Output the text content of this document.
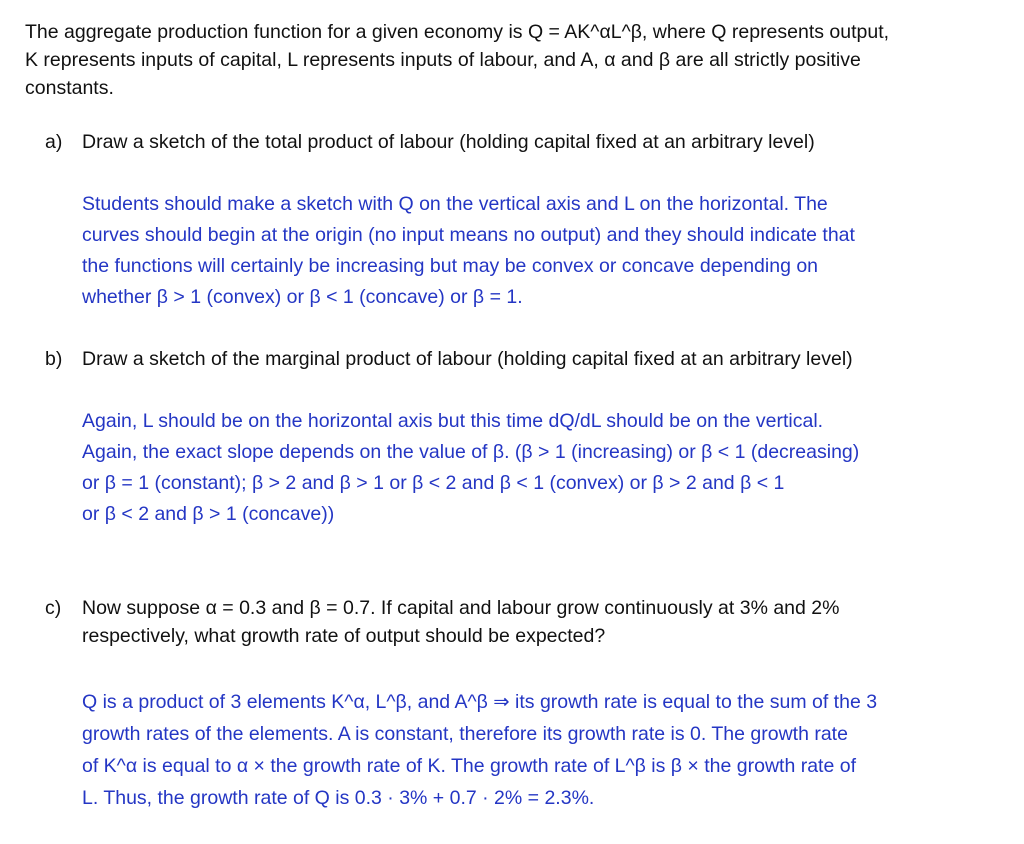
The aggregate production function for a given economy is Q = AK^αL^β, where Q represents output,
K represents inputs of capital, L represents inputs of labour, and A, α and β are all strictly positive
constants.

a)	Draw a sketch of the total product of labour (holding capital fixed at an arbitrary level)
Students should make a sketch with Q on the vertical axis and L on the horizontal. The
curves should begin at the origin (no input means no output) and they should indicate that
the functions will certainly be increasing but may be convex or concave depending on
whether β > 1 (convex) or β < 1 (concave) or β = 1.
b)	Draw a sketch of the marginal product of labour (holding capital fixed at an arbitrary level)
Again, L should be on the horizontal axis but this time dQ/dL should be on the vertical.
Again, the exact slope depends on the value of β. (β > 1 (increasing) or β < 1 (decreasing)
or β = 1 (constant); β > 2 and β > 1 or β < 2 and β < 1 (convex) or β > 2 and β < 1
or β < 2 and β > 1 (concave))
c)	Now suppose α = 0.3 and β = 0.7. If capital and labour grow continuously at 3% and 2%
respectively, what growth rate of output should be expected?
Q is a product of 3 elements K^α, L^β, and A^β ⇒ its growth rate is equal to the sum of the 3
growth rates of the elements. A is constant, therefore its growth rate is 0. The growth rate
of K^α is equal to α × the growth rate of K. The growth rate of L^β is β × the growth rate of
L. Thus, the growth rate of Q is 0.3 · 3% + 0.7 · 2% = 2.3%.
